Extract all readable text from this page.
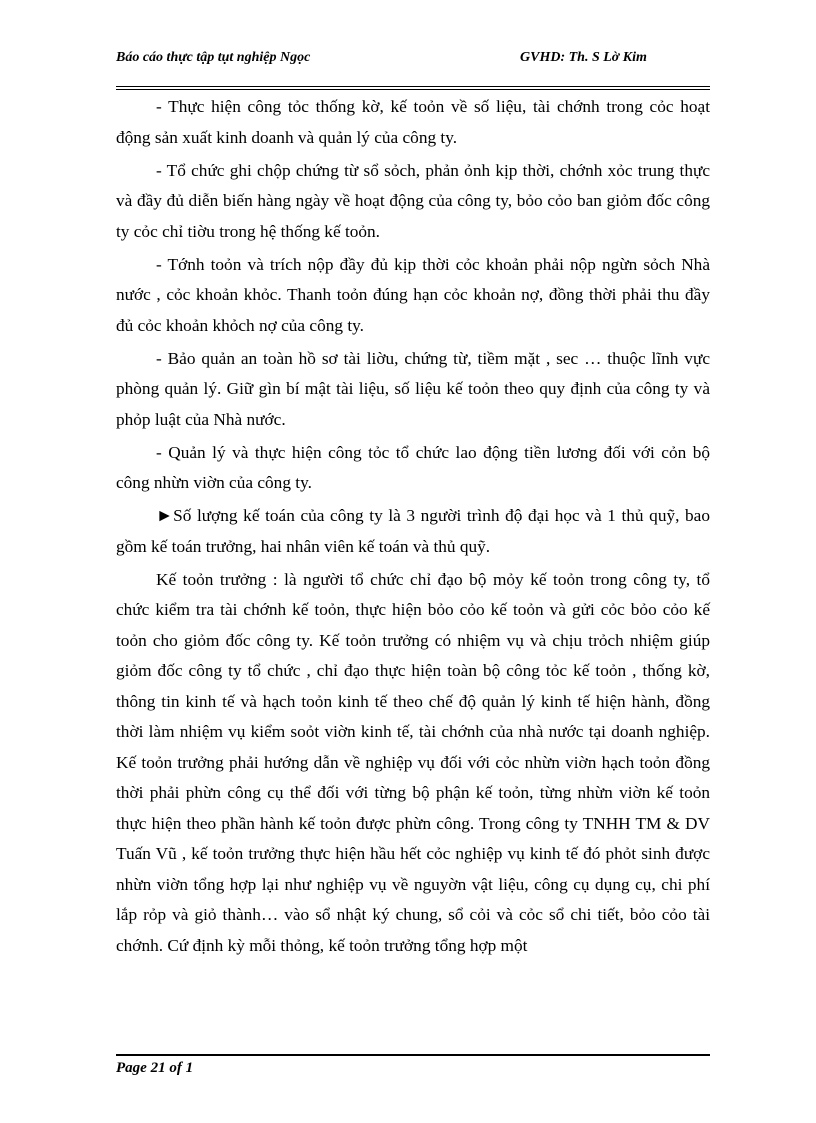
Báo cáo thực tập tụt nghiệp Ngọc	GVHD: Th. S Lờ Kim

- Thực hiện công tỏc thống kờ, kế toỏn về số liệu, tài chớnh trong cỏc hoạt động sản xuất kinh doanh và quản lý của công ty.

- Tổ chức ghi chộp chứng từ sổ sỏch, phản ỏnh kịp thời, chớnh xỏc trung thực và đầy đủ diễn biến hàng ngày về hoạt động của công ty, bỏo cỏo ban giỏm đốc công ty cỏc chỉ tiờu trong hệ thống kế toỏn.

- Tớnh toỏn và trích nộp đầy đủ kịp thời cỏc khoản phải nộp ngừn sỏch Nhà nước , cỏc khoản khỏc. Thanh toỏn đúng hạn cỏc khoản nợ, đồng thời phải thu đầy đủ cỏc khoản khỏch nợ của công ty.

- Bảo quản an toàn hồ sơ tài liờu, chứng từ, tiềm mặt , sec … thuộc lĩnh vực phòng quản lý. Giữ gìn bí mật tài liệu, số liệu kế toỏn theo quy định của công ty và phỏp luật của Nhà nước.

- Quản lý và thực hiện công tỏc tổ chức lao động tiền lương đối với cỏn bộ công nhừn viờn của công ty.

►Số lượng kế toán của công ty là 3 người trình độ đại học và 1 thủ quỹ, bao gồm kế toán trưởng, hai nhân viên kế toán và thủ quỹ.

Kế toỏn trưởng : là người tổ chức chỉ đạo bộ mỏy kế toỏn trong công ty, tổ chức kiểm tra tài chớnh kế toỏn, thực hiện bỏo cỏo kế toỏn và gửi cỏc bỏo cỏo kế toỏn cho giỏm đốc công ty. Kế toỏn trưởng có nhiệm vụ và chịu trỏch nhiệm giúp giỏm đốc công ty tổ chức , chỉ đạo thực hiện toàn bộ công tỏc kế toỏn , thống kờ, thông tin kinh tế và hạch toỏn kinh tế theo chế độ quản lý kinh tế hiện hành, đồng thời làm nhiệm vụ kiểm soỏt viờn kinh tế, tài chớnh của nhà nước tại doanh nghiệp. Kế toỏn trưởng phải hướng dẫn về nghiệp vụ đối với cỏc nhừn viờn hạch toỏn đồng thời phải phừn công cụ thể đối với từng bộ phận kế toỏn, từng nhừn viờn kế toỏn thực hiện theo phần hành kế toỏn được phừn công. Trong công ty TNHH TM & DV Tuấn Vũ , kế toỏn trưởng thực hiện hầu hết cỏc nghiệp vụ kinh tế đó phỏt sinh được nhừn viờn tổng hợp lại như nghiệp vụ về nguyờn vật liệu, công cụ dụng cụ, chi phí lắp rỏp và giỏ thành… vào sổ nhật ký chung, sổ cỏi và cỏc sổ chi tiết, bỏo cỏo tài chớnh. Cứ định kỳ mỗi thỏng, kế toỏn trưởng tổng hợp một

Page 21 of 1
